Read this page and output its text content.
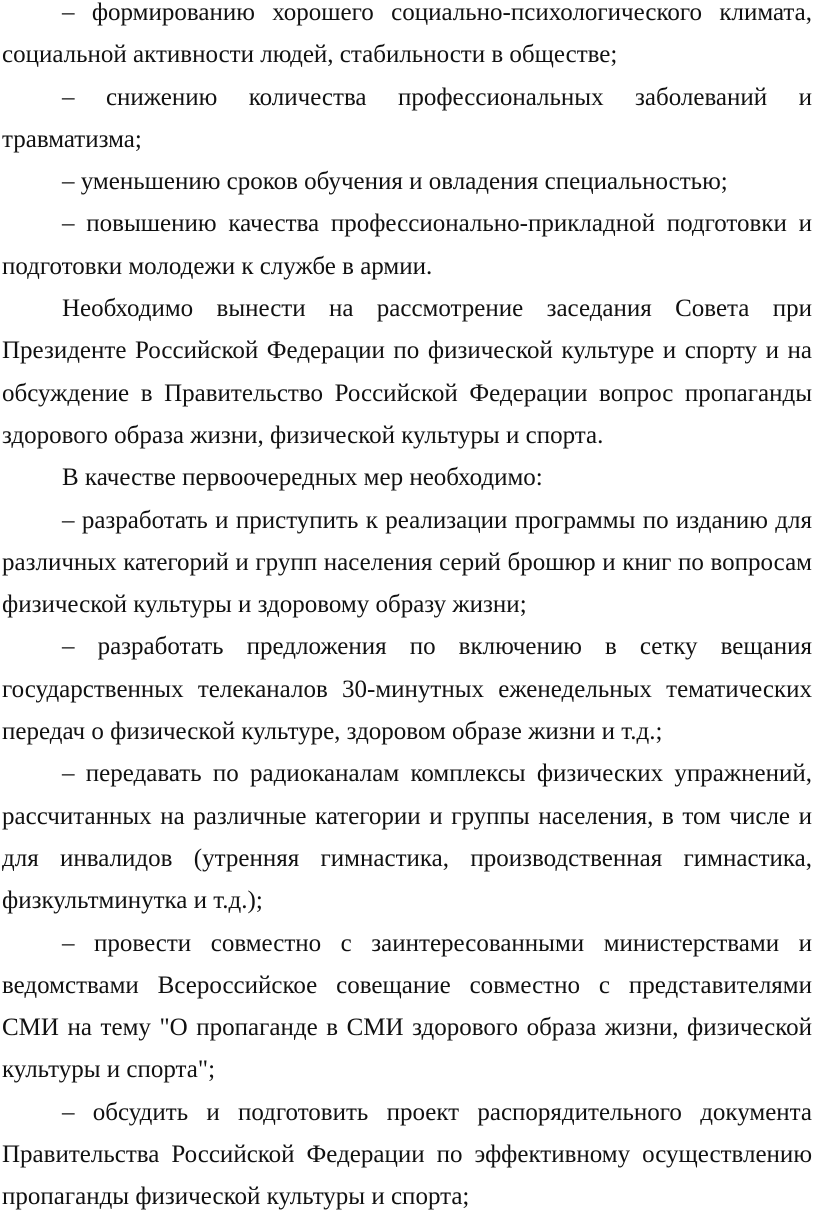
– формированию хорошего социально-психологического климата, социальной активности людей, стабильности в обществе;

– снижению количества профессиональных заболеваний и травматизма;

– уменьшению сроков обучения и овладения специальностью;

– повышению качества профессионально-прикладной подготовки и подготовки молодежи к службе в армии.

Необходимо вынести на рассмотрение заседания Совета при Президенте Российской Федерации по физической культуре и спорту и на обсуждение в Правительство Российской Федерации вопрос пропаганды здорового образа жизни, физической культуры и спорта.

В качестве первоочередных мер необходимо:

– разработать и приступить к реализации программы по изданию для различных категорий и групп населения серий брошюр и книг по вопросам физической культуры и здоровому образу жизни;

– разработать предложения по включению в сетку вещания государственных телеканалов 30-минутных еженедельных тематических передач о физической культуре, здоровом образе жизни и т.д.;

– передавать по радиоканалам комплексы физических упражнений, рассчитанных на различные категории и группы населения, в том числе и для инвалидов (утренняя гимнастика, производственная гимнастика, физкультминутка и т.д.);

– провести совместно с заинтересованными министерствами и ведомствами Всероссийское совещание совместно с представителями СМИ на тему "О пропаганде в СМИ здорового образа жизни, физической культуры и спорта";

– обсудить и подготовить проект распорядительного документа Правительства Российской Федерации по эффективному осуществлению пропаганды физической культуры и спорта;
